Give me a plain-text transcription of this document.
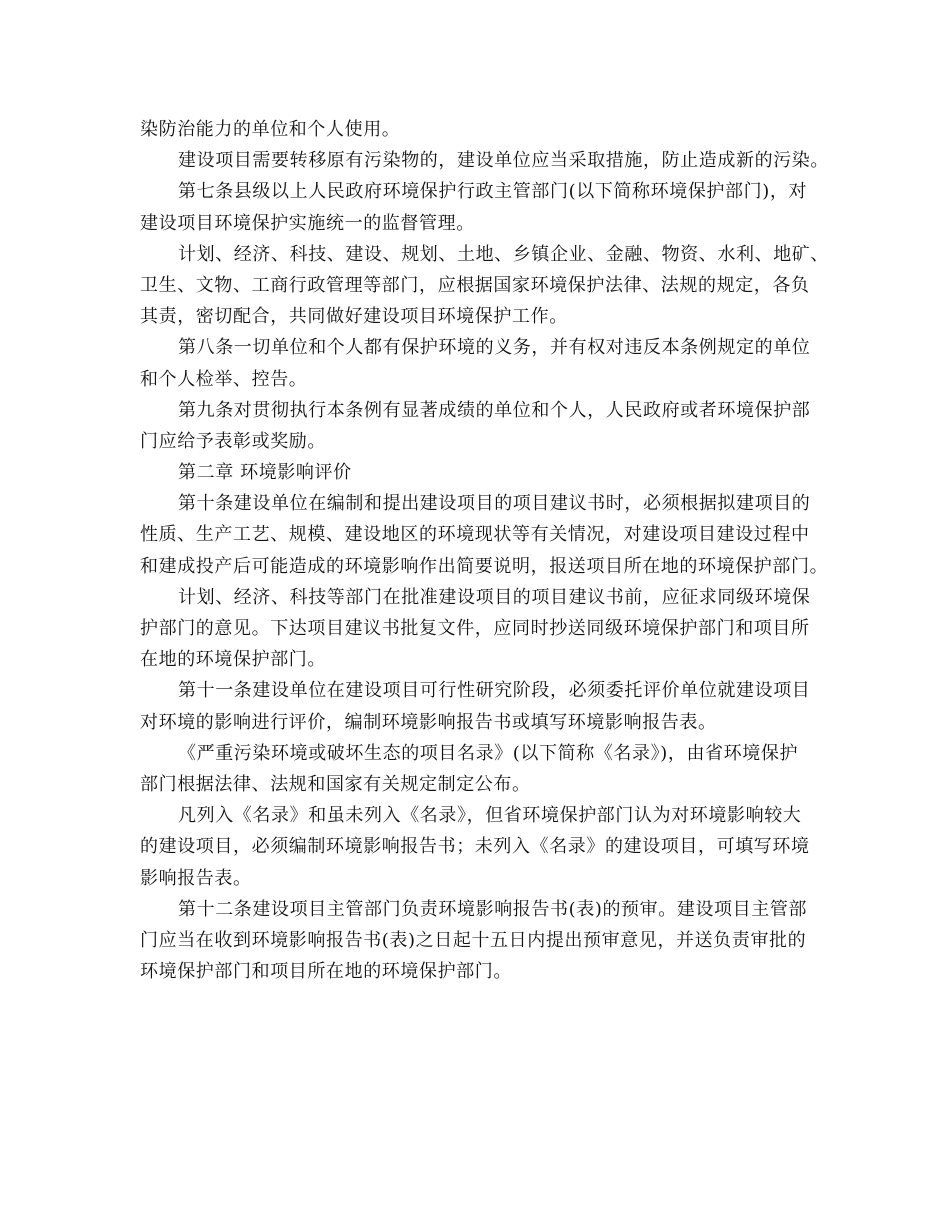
染防治能力的单位和个人使用。
建设项目需要转移原有污染物的，建设单位应当采取措施，防止造成新的污染。
第七条县级以上人民政府环境保护行政主管部门(以下简称环境保护部门)，对
建设项目环境保护实施统一的监督管理。
计划、经济、科技、建设、规划、土地、乡镇企业、金融、物资、水利、地矿、
卫生、文物、工商行政管理等部门，应根据国家环境保护法律、法规的规定，各负
其责，密切配合，共同做好建设项目环境保护工作。
第八条一切单位和个人都有保护环境的义务，并有权对违反本条例规定的单位
和个人检举、控告。
第九条对贯彻执行本条例有显著成绩的单位和个人，人民政府或者环境保护部
门应给予表彰或奖励。
第二章 环境影响评价
第十条建设单位在编制和提出建设项目的项目建议书时，必须根据拟建项目的
性质、生产工艺、规模、建设地区的环境现状等有关情况，对建设项目建设过程中
和建成投产后可能造成的环境影响作出简要说明，报送项目所在地的环境保护部门。
计划、经济、科技等部门在批准建设项目的项目建议书前，应征求同级环境保
护部门的意见。下达项目建议书批复文件，应同时抄送同级环境保护部门和项目所
在地的环境保护部门。
第十一条建设单位在建设项目可行性研究阶段，必须委托评价单位就建设项目
对环境的影响进行评价，编制环境影响报告书或填写环境影响报告表。
《严重污染环境或破坏生态的项目名录》(以下简称《名录》)，由省环境保护
部门根据法律、法规和国家有关规定制定公布。
凡列入《名录》和虽未列入《名录》，但省环境保护部门认为对环境影响较大
的建设项目，必须编制环境影响报告书；未列入《名录》的建设项目，可填写环境
影响报告表。
第十二条建设项目主管部门负责环境影响报告书(表)的预审。建设项目主管部
门应当在收到环境影响报告书(表)之日起十五日内提出预审意见，并送负责审批的
环境保护部门和项目所在地的环境保护部门。
